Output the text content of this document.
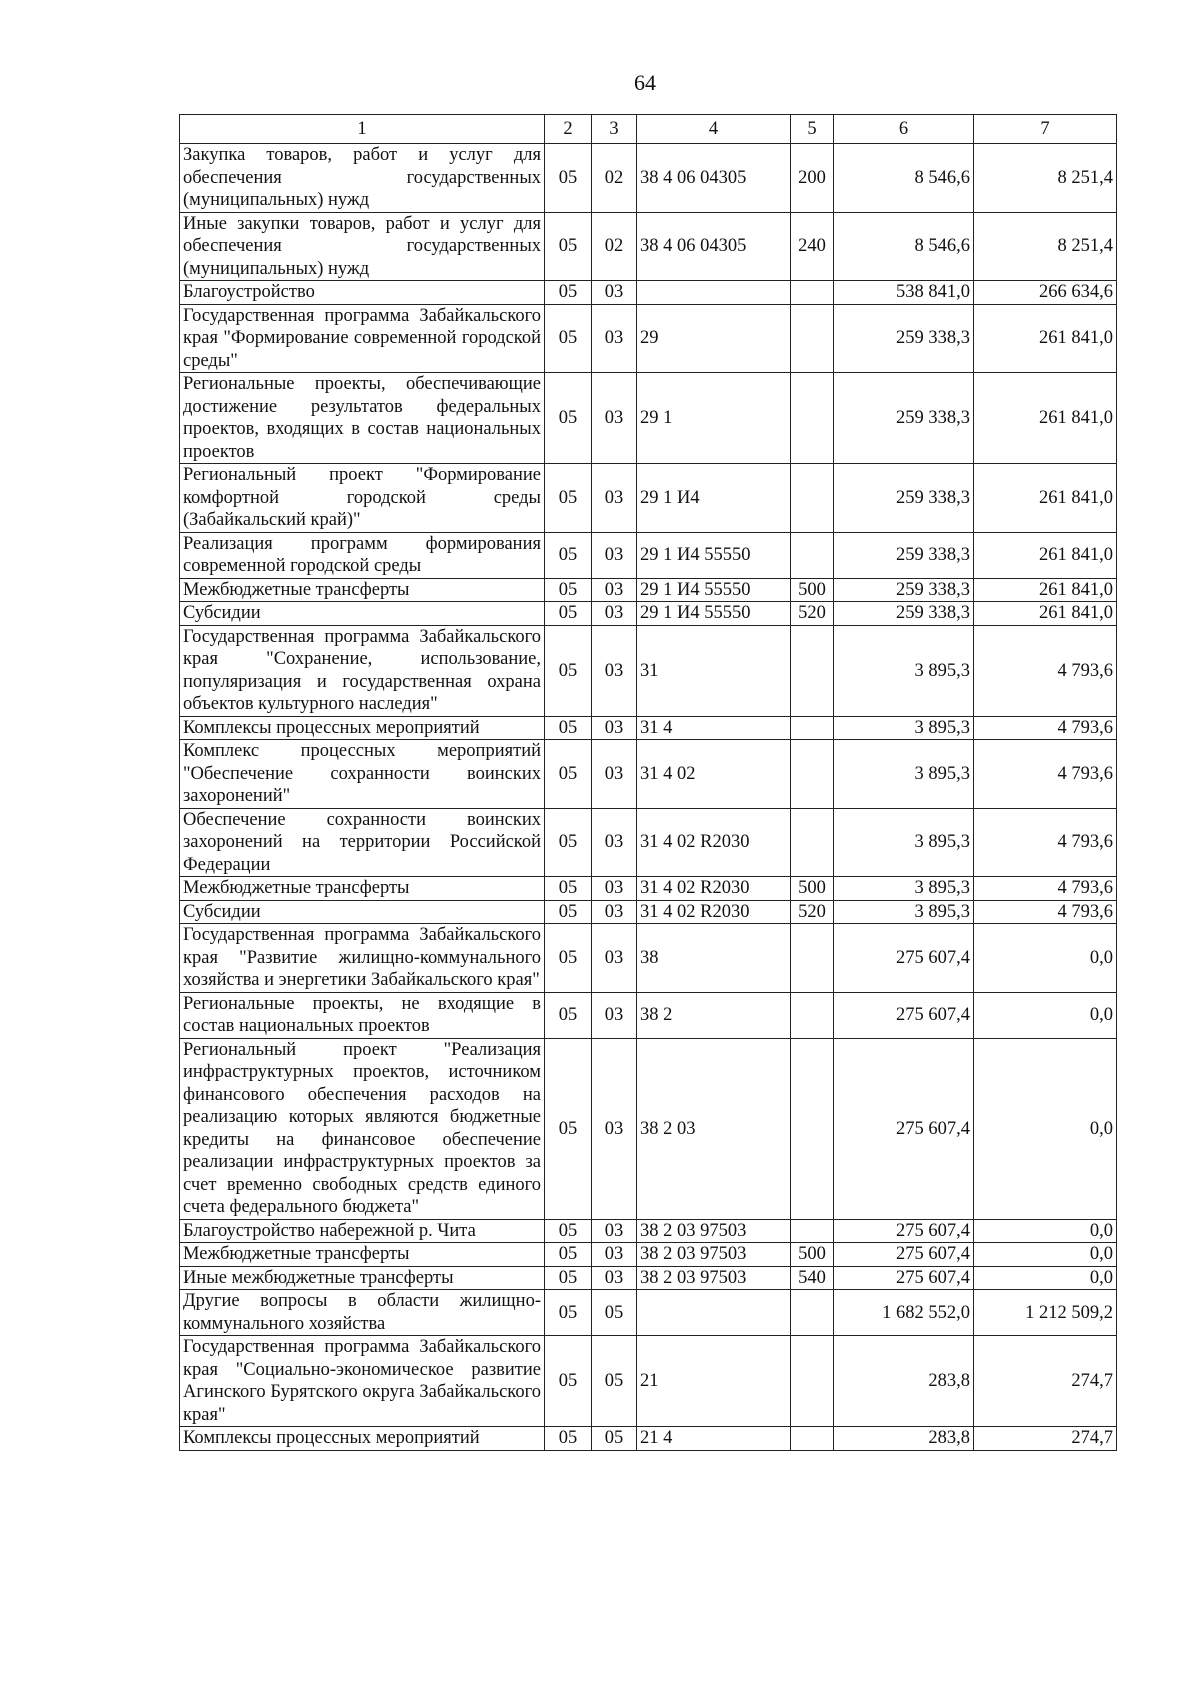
64
1	2	3	4	5	6	7
Закупка товаров, работ и услуг для обеспечения государственных (муниципальных) нужд	05	02	38 4 06 04305	200	8 546,6	8 251,4
Иные закупки товаров, работ и услуг для обеспечения государственных (муниципальных) нужд	05	02	38 4 06 04305	240	8 546,6	8 251,4
Благоустройство	05	03			538 841,0	266 634,6
Государственная программа Забайкальского края "Формирование современной городской среды"	05	03	29		259 338,3	261 841,0
Региональные проекты, обеспечивающие достижение результатов федеральных проектов, входящих в состав национальных проектов	05	03	29 1		259 338,3	261 841,0
Региональный проект "Формирование комфортной городской среды (Забайкальский край)"	05	03	29 1 И4		259 338,3	261 841,0
Реализация программ формирования современной городской среды	05	03	29 1 И4 55550		259 338,3	261 841,0
Межбюджетные трансферты	05	03	29 1 И4 55550	500	259 338,3	261 841,0
Субсидии	05	03	29 1 И4 55550	520	259 338,3	261 841,0
Государственная программа Забайкальского края "Сохранение, использование, популяризация и государственная охрана объектов культурного наследия"	05	03	31		3 895,3	4 793,6
Комплексы процессных мероприятий	05	03	31 4		3 895,3	4 793,6
Комплекс процессных мероприятий "Обеспечение сохранности воинских захоронений"	05	03	31 4 02		3 895,3	4 793,6
Обеспечение сохранности воинских захоронений на территории Российской Федерации	05	03	31 4 02 R2030		3 895,3	4 793,6
Межбюджетные трансферты	05	03	31 4 02 R2030	500	3 895,3	4 793,6
Субсидии	05	03	31 4 02 R2030	520	3 895,3	4 793,6
Государственная программа Забайкальского края "Развитие жилищно-коммунального хозяйства и энергетики Забайкальского края"	05	03	38		275 607,4	0,0
Региональные проекты, не входящие в состав национальных проектов	05	03	38 2		275 607,4	0,0
Региональный проект "Реализация инфраструктурных проектов, источником финансового обеспечения расходов на реализацию которых являются бюджетные кредиты на финансовое обеспечение реализации инфраструктурных проектов за счет временно свободных средств единого счета федерального бюджета"	05	03	38 2 03		275 607,4	0,0
Благоустройство набережной р. Чита	05	03	38 2 03 97503		275 607,4	0,0
Межбюджетные трансферты	05	03	38 2 03 97503	500	275 607,4	0,0
Иные межбюджетные трансферты	05	03	38 2 03 97503	540	275 607,4	0,0
Другие вопросы в области жилищно-коммунального хозяйства	05	05			1 682 552,0	1 212 509,2
Государственная программа Забайкальского края "Социально-экономическое развитие Агинского Бурятского округа Забайкальского края"	05	05	21		283,8	274,7
Комплексы процессных мероприятий	05	05	21 4		283,8	274,7
